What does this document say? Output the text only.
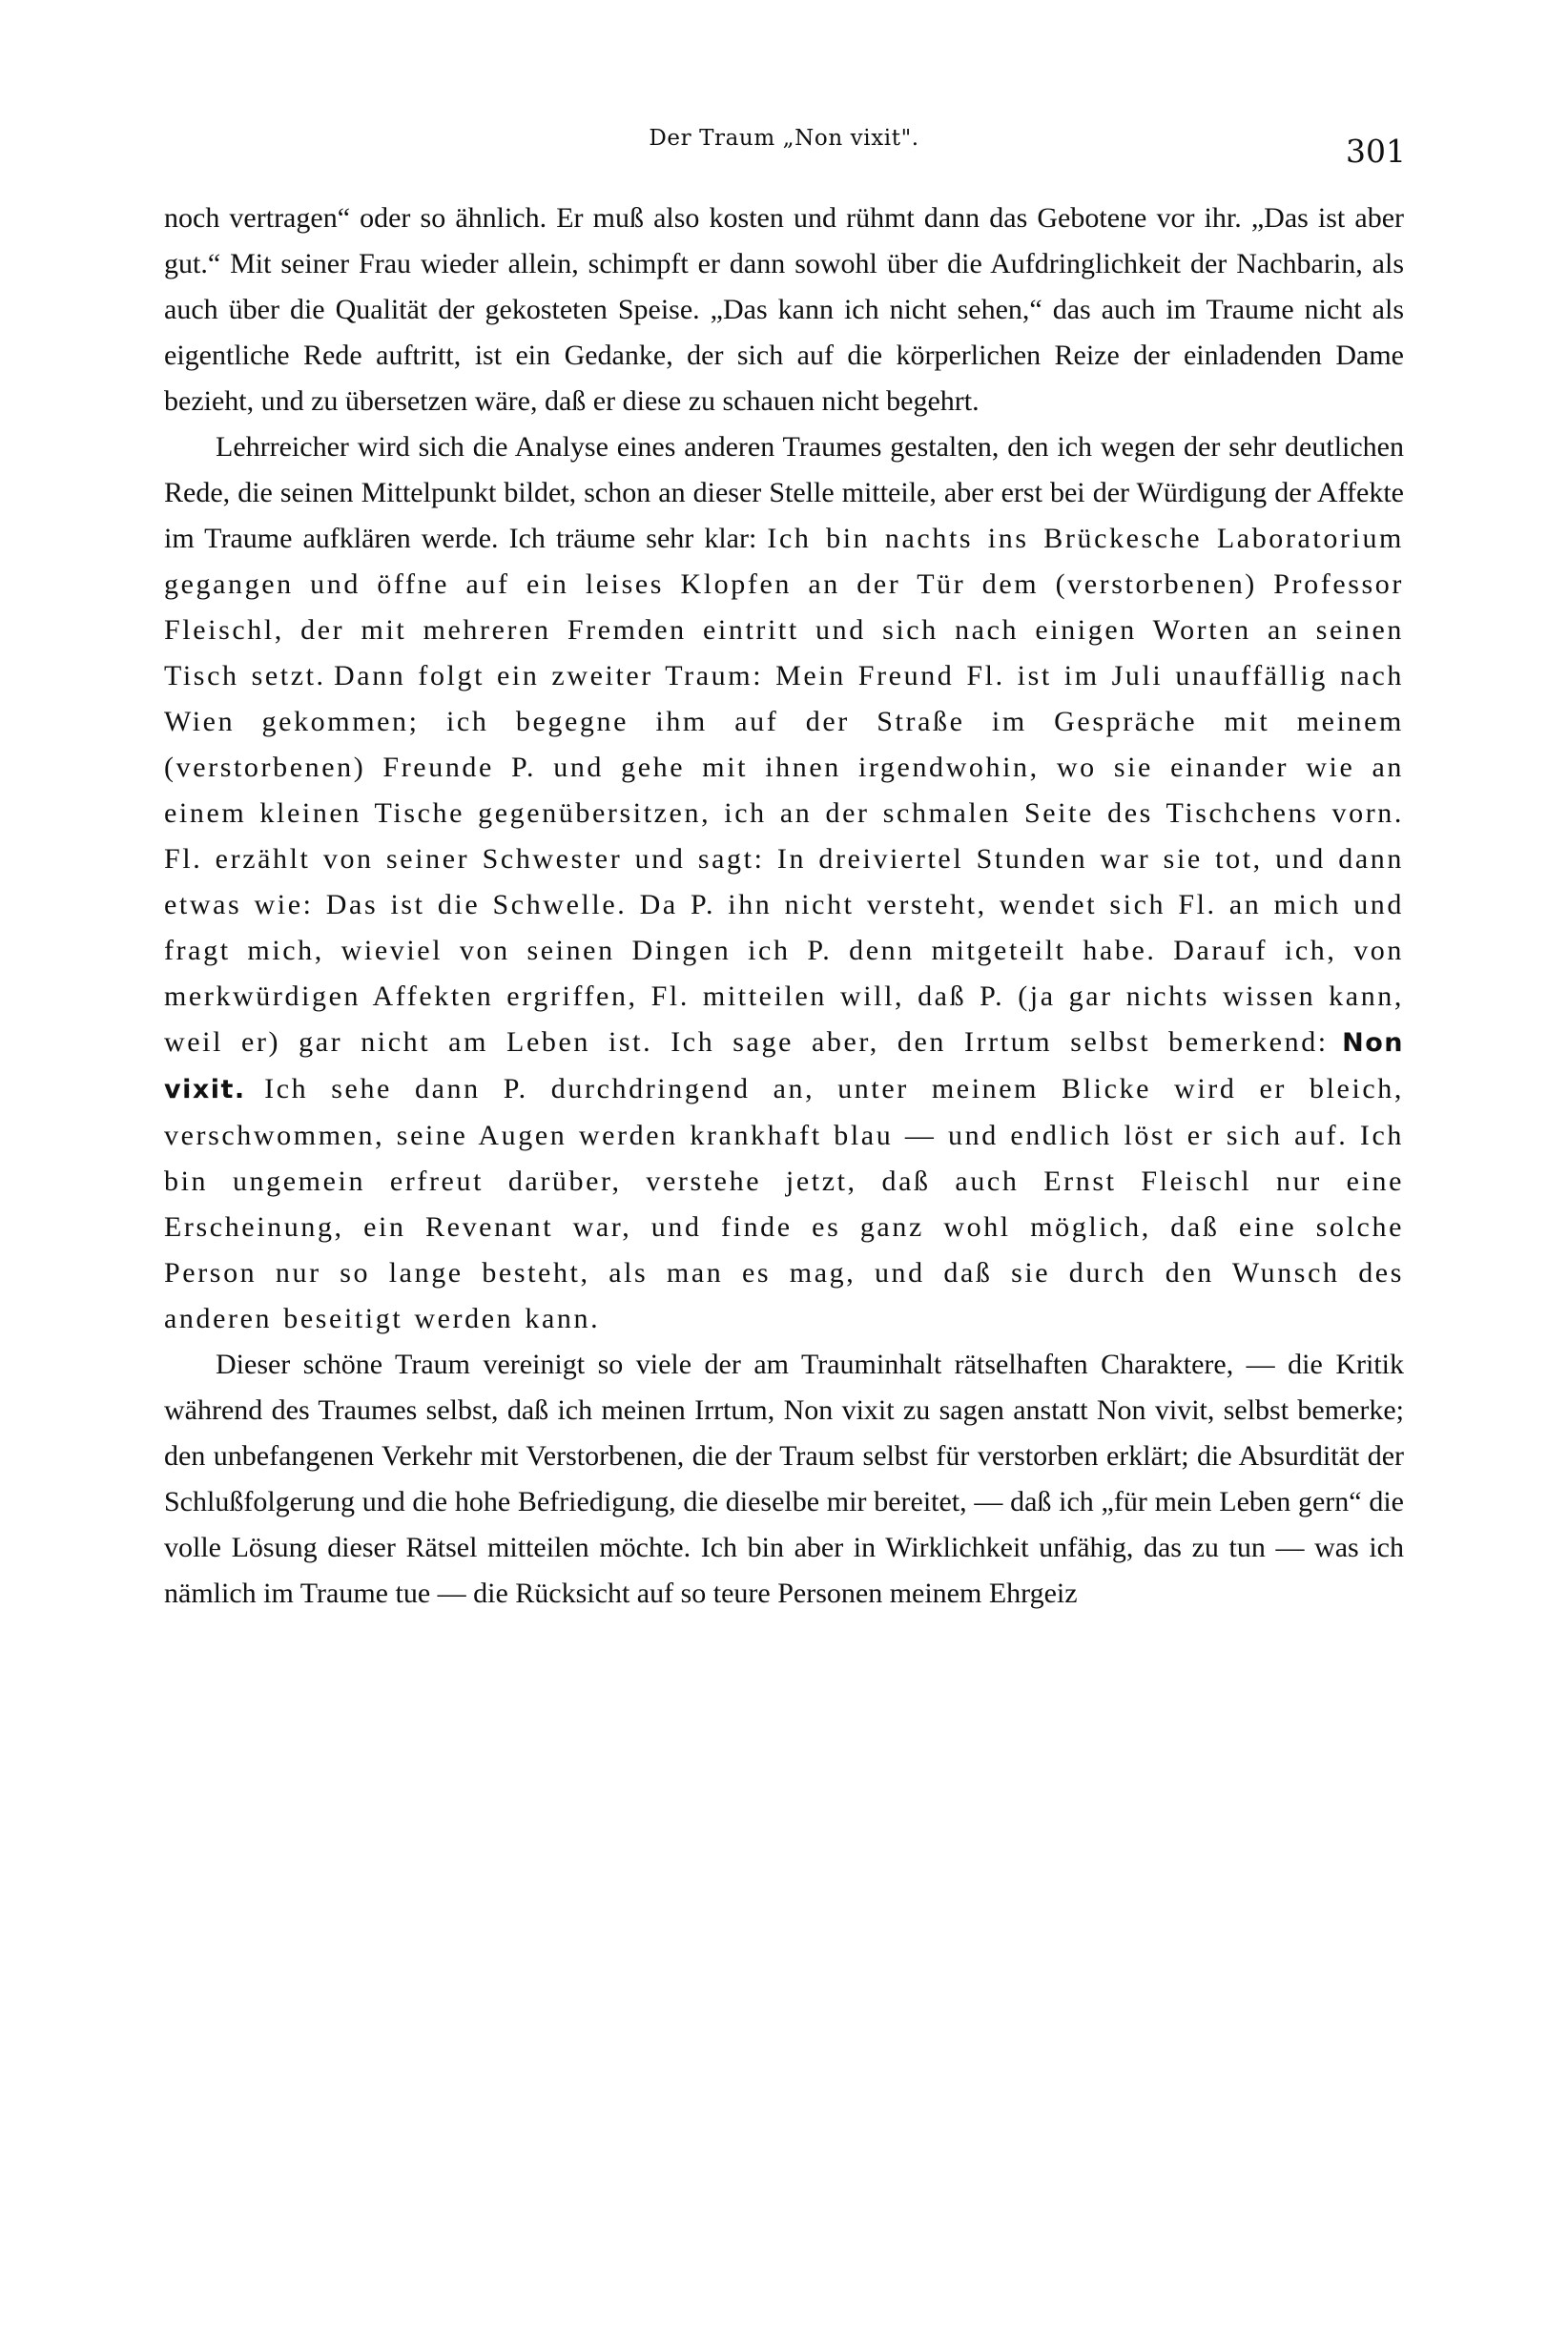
Der Traum „Non vixit".	301

noch vertragen“ oder so ähnlich. Er muß also kosten und rühmt dann das Gebotene vor ihr. „Das ist aber gut.“ Mit seiner Frau wieder allein, schimpft er dann sowohl über die Aufdringlichkeit der Nachbarin, als auch über die Qualität der gekosteten Speise. „Das kann ich nicht sehen,“ das auch im Traume nicht als eigentliche Rede auftritt, ist ein Gedanke, der sich auf die körperlichen Reize der einladenden Dame bezieht, und zu übersetzen wäre, daß er diese zu schauen nicht begehrt.

Lehrreicher wird sich die Analyse eines anderen Traumes gestalten, den ich wegen der sehr deutlichen Rede, die seinen Mittelpunkt bildet, schon an dieser Stelle mitteile, aber erst bei der Würdigung der Affekte im Traume aufklären werde. Ich träume sehr klar: Ich bin nachts ins Brückesche Laboratorium gegangen und öffne auf ein leises Klopfen an der Tür dem (verstorbenen) Professor Fleischl, der mit mehreren Fremden eintritt und sich nach einigen Worten an seinen Tisch setzt. Dann folgt ein zweiter Traum: Mein Freund Fl. ist im Juli unauffällig nach Wien gekommen; ich begegne ihm auf der Straße im Gespräche mit meinem (verstorbenen) Freunde P. und gehe mit ihnen irgendwohin, wo sie einander wie an einem kleinen Tische gegenübersitzen, ich an der schmalen Seite des Tischchens vorn. Fl. erzählt von seiner Schwester und sagt: In dreiviertel Stunden war sie tot, und dann etwas wie: Das ist die Schwelle. Da P. ihn nicht versteht, wendet sich Fl. an mich und fragt mich, wieviel von seinen Dingen ich P. denn mitgeteilt habe. Darauf ich, von merkwürdigen Affekten ergriffen, Fl. mitteilen will, daß P. (ja gar nichts wissen kann, weil er) gar nicht am Leben ist. Ich sage aber, den Irrtum selbst bemerkend: Non vixit. Ich sehe dann P. durchdringend an, unter meinem Blicke wird er bleich, verschwommen, seine Augen werden krankhaft blau — und endlich löst er sich auf. Ich bin ungemein erfreut darüber, verstehe jetzt, daß auch Ernst Fleischl nur eine Erscheinung, ein Revenant war, und finde es ganz wohl möglich, daß eine solche Person nur so lange besteht, als man es mag, und daß sie durch den Wunsch des anderen beseitigt werden kann.

Dieser schöne Traum vereinigt so viele der am Trauminhalt rätselhaften Charaktere, — die Kritik während des Traumes selbst, daß ich meinen Irrtum, Non vixit zu sagen anstatt Non vivit, selbst bemerke; den unbefangenen Verkehr mit Verstorbenen, die der Traum selbst für verstorben erklärt; die Absurdität der Schlußfolgerung und die hohe Befriedigung, die dieselbe mir bereitet, — daß ich „für mein Leben gern“ die volle Lösung dieser Rätsel mitteilen möchte. Ich bin aber in Wirklichkeit unfähig, das zu tun — was ich nämlich im Traume tue — die Rücksicht auf so teure Personen meinem Ehrgeiz
